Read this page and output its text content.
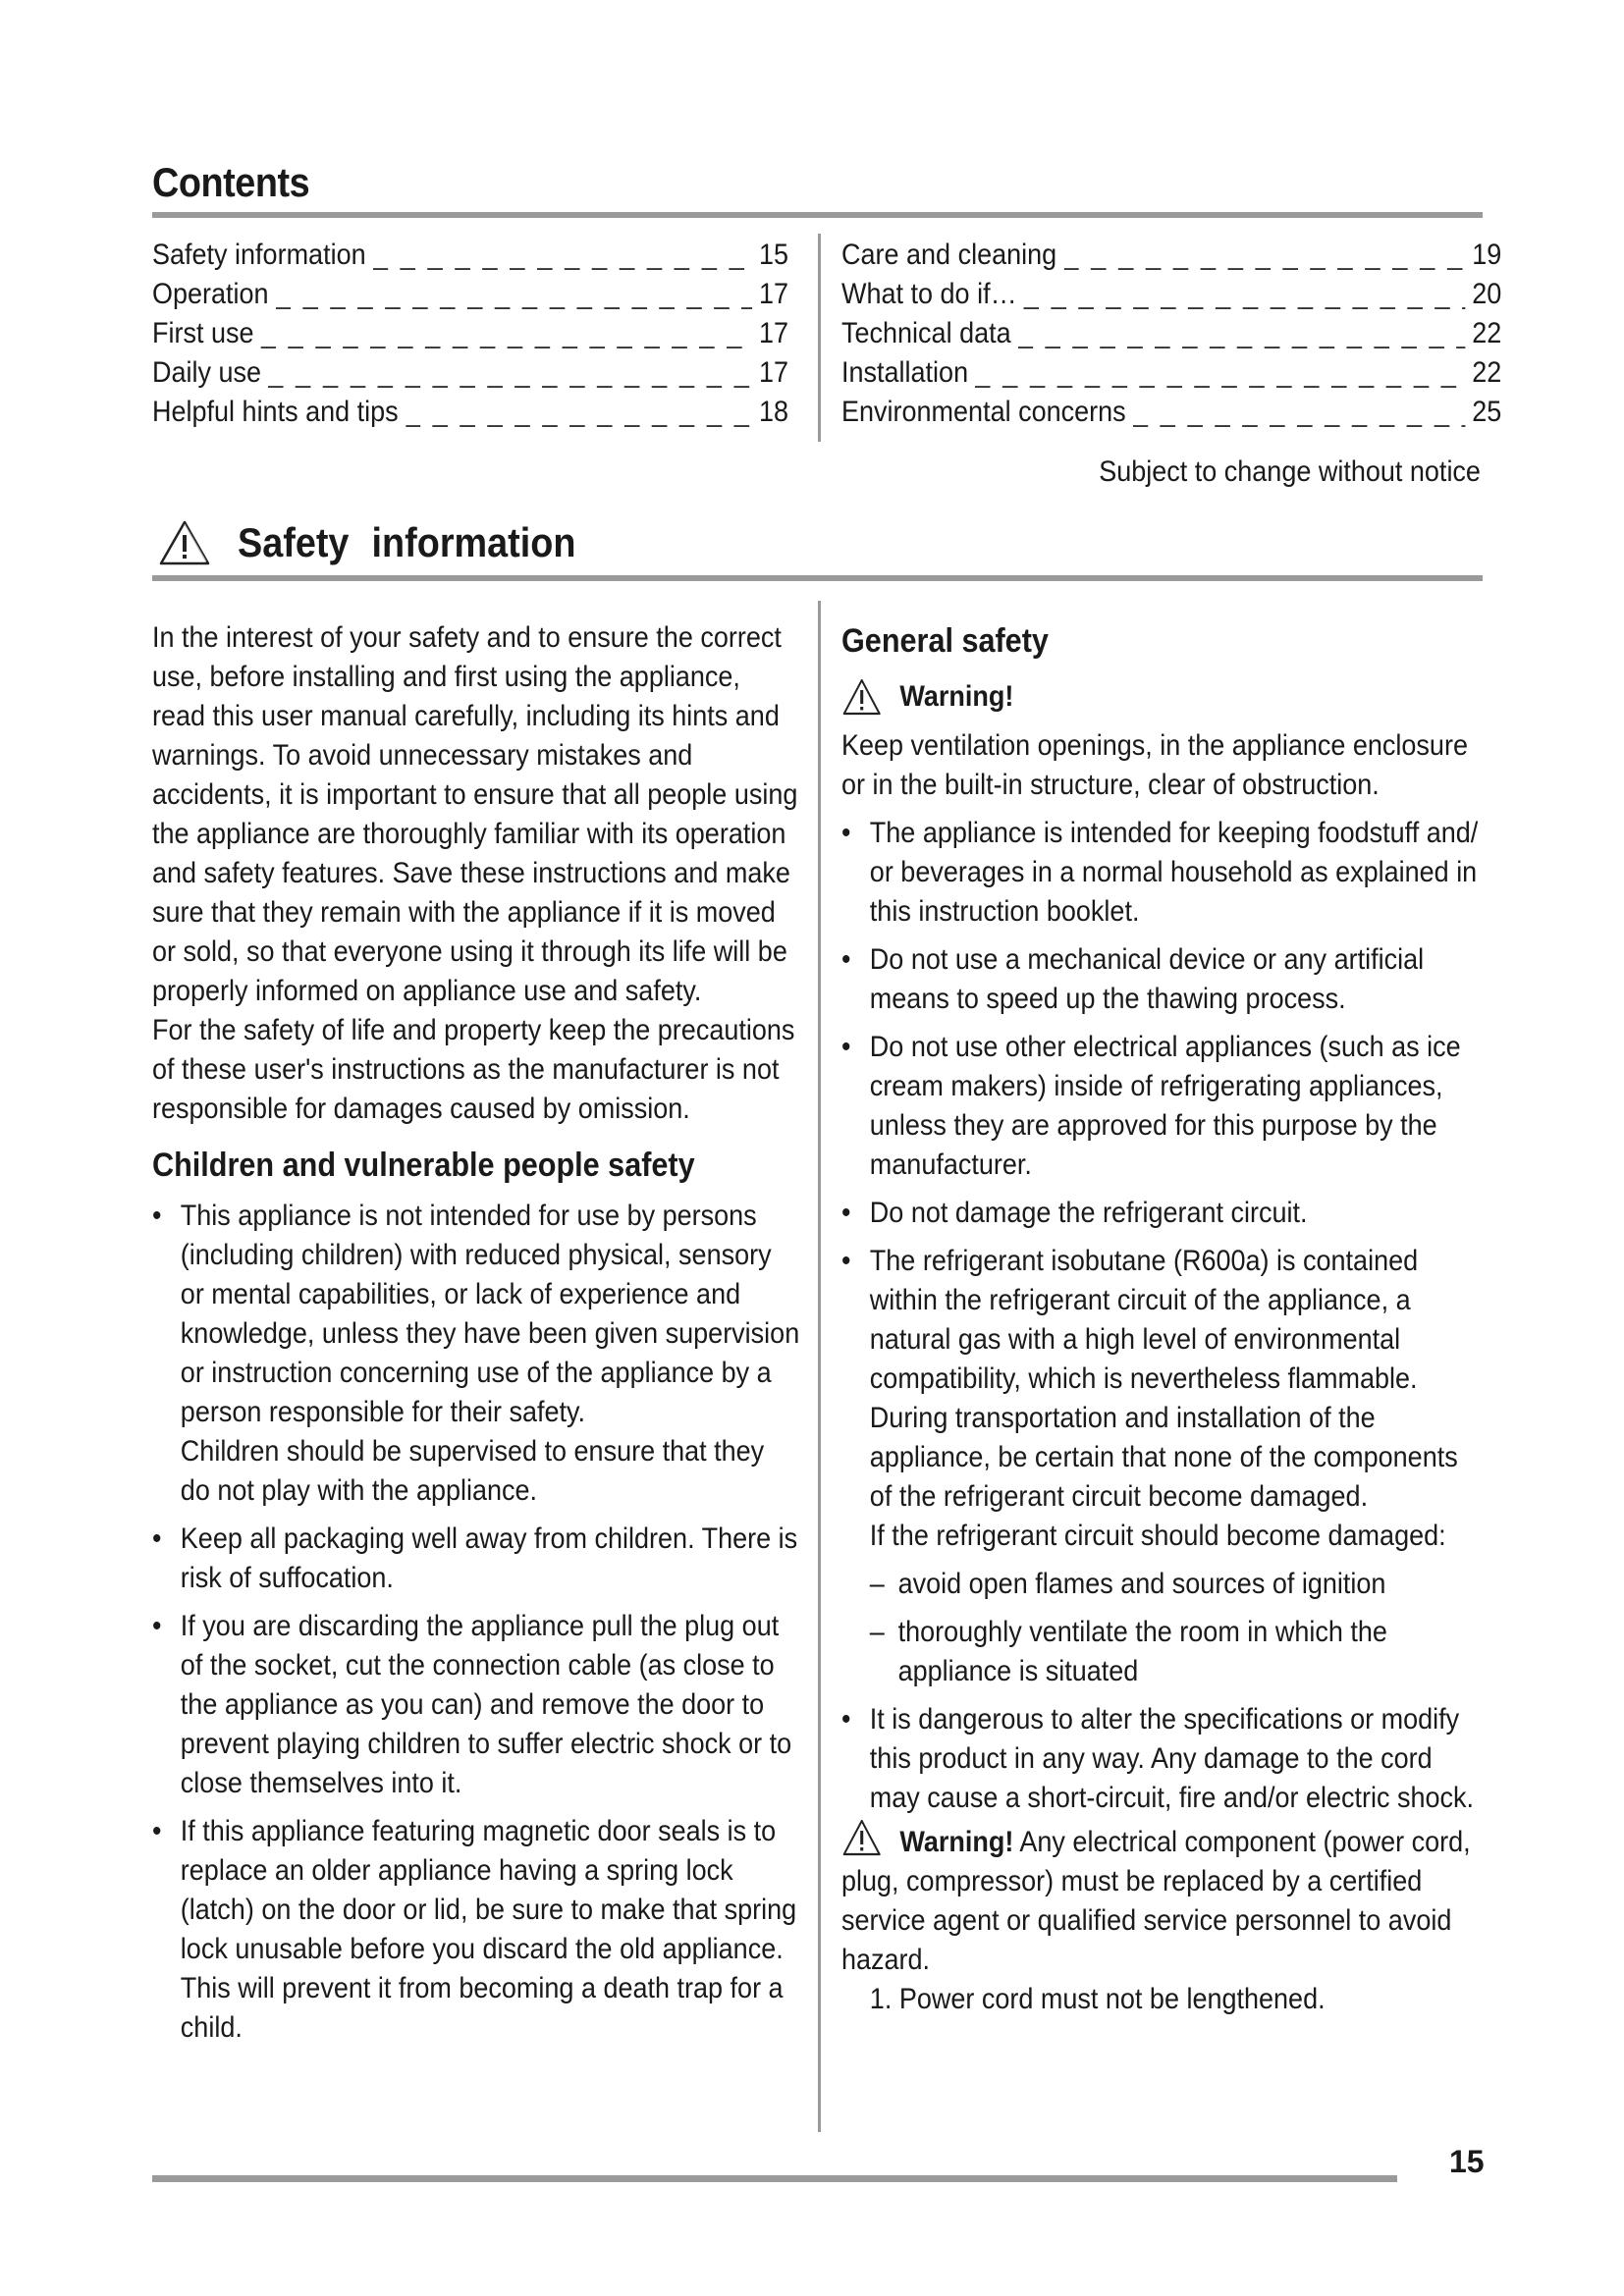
Contents
Safety information _ _ _	15
Operation _ _ _	17
First use _ _ _	17
Daily use _ _ _	17
Helpful hints and tips _ _ _	18
Care and cleaning _ _ _	19
What to do if… _ _ _	20
Technical data _ _ _	22
Installation _ _ _	22
Environmental concerns _ _ _	25
Subject to change without notice
Safety information

In the interest of your safety and to ensure the correct use, before installing and first using the appliance, read this user manual carefully, including its hints and warnings. To avoid unnecessary mistakes and accidents, it is important to ensure that all people using the appliance are thoroughly familiar with its operation and safety features. Save these instructions and make sure that they remain with the appliance if it is moved or sold, so that everyone using it through its life will be properly informed on appliance use and safety.

For the safety of life and property keep the precautions of these user's instructions as the manufacturer is not responsible for damages caused by omission.

Children and vulnerable people safety

• This appliance is not intended for use by persons (including children) with reduced physical, sensory or mental capabilities, or lack of experience and knowledge, unless they have been given supervision or instruction concerning use of the appliance by a person responsible for their safety.

Children should be supervised to ensure that they do not play with the appliance.

• Keep all packaging well away from children. There is risk of suffocation.

• If you are discarding the appliance pull the plug out of the socket, cut the connection cable (as close to the appliance as you can) and remove the door to prevent playing children to suffer electric shock or to close themselves into it.

• If this appliance featuring magnetic door seals is to replace an older appliance having a spring lock (latch) on the door or lid, be sure to make that spring lock unusable before you discard the old appliance. This will prevent it from becoming a death trap for a child.

General safety
Warning!

Keep ventilation openings, in the appliance enclosure or in the built-in structure, clear of obstruction.

• The appliance is intended for keeping foodstuff and/ or beverages in a normal household as explained in this instruction booklet.

• Do not use a mechanical device or any artificial means to speed up the thawing process.

• Do not use other electrical appliances (such as ice cream makers) inside of refrigerating appliances, unless they are approved for this purpose by the manufacturer.

• Do not damage the refrigerant circuit.

• The refrigerant isobutane (R600a) is contained within the refrigerant circuit of the appliance, a natural gas with a high level of environmental compatibility, which is nevertheless flammable.

During transportation and installation of the appliance, be certain that none of the components of the refrigerant circuit become damaged.

If the refrigerant circuit should become damaged:

– avoid open flames and sources of ignition

– thoroughly ventilate the room in which the appliance is situated

• It is dangerous to alter the specifications or modify this product in any way. Any damage to the cord may cause a short-circuit, fire and/or electric shock.

Warning! Any electrical component (power cord, plug, compressor) must be replaced by a certified service agent or qualified service personnel to avoid hazard.

1. Power cord must not be lengthened.

15
